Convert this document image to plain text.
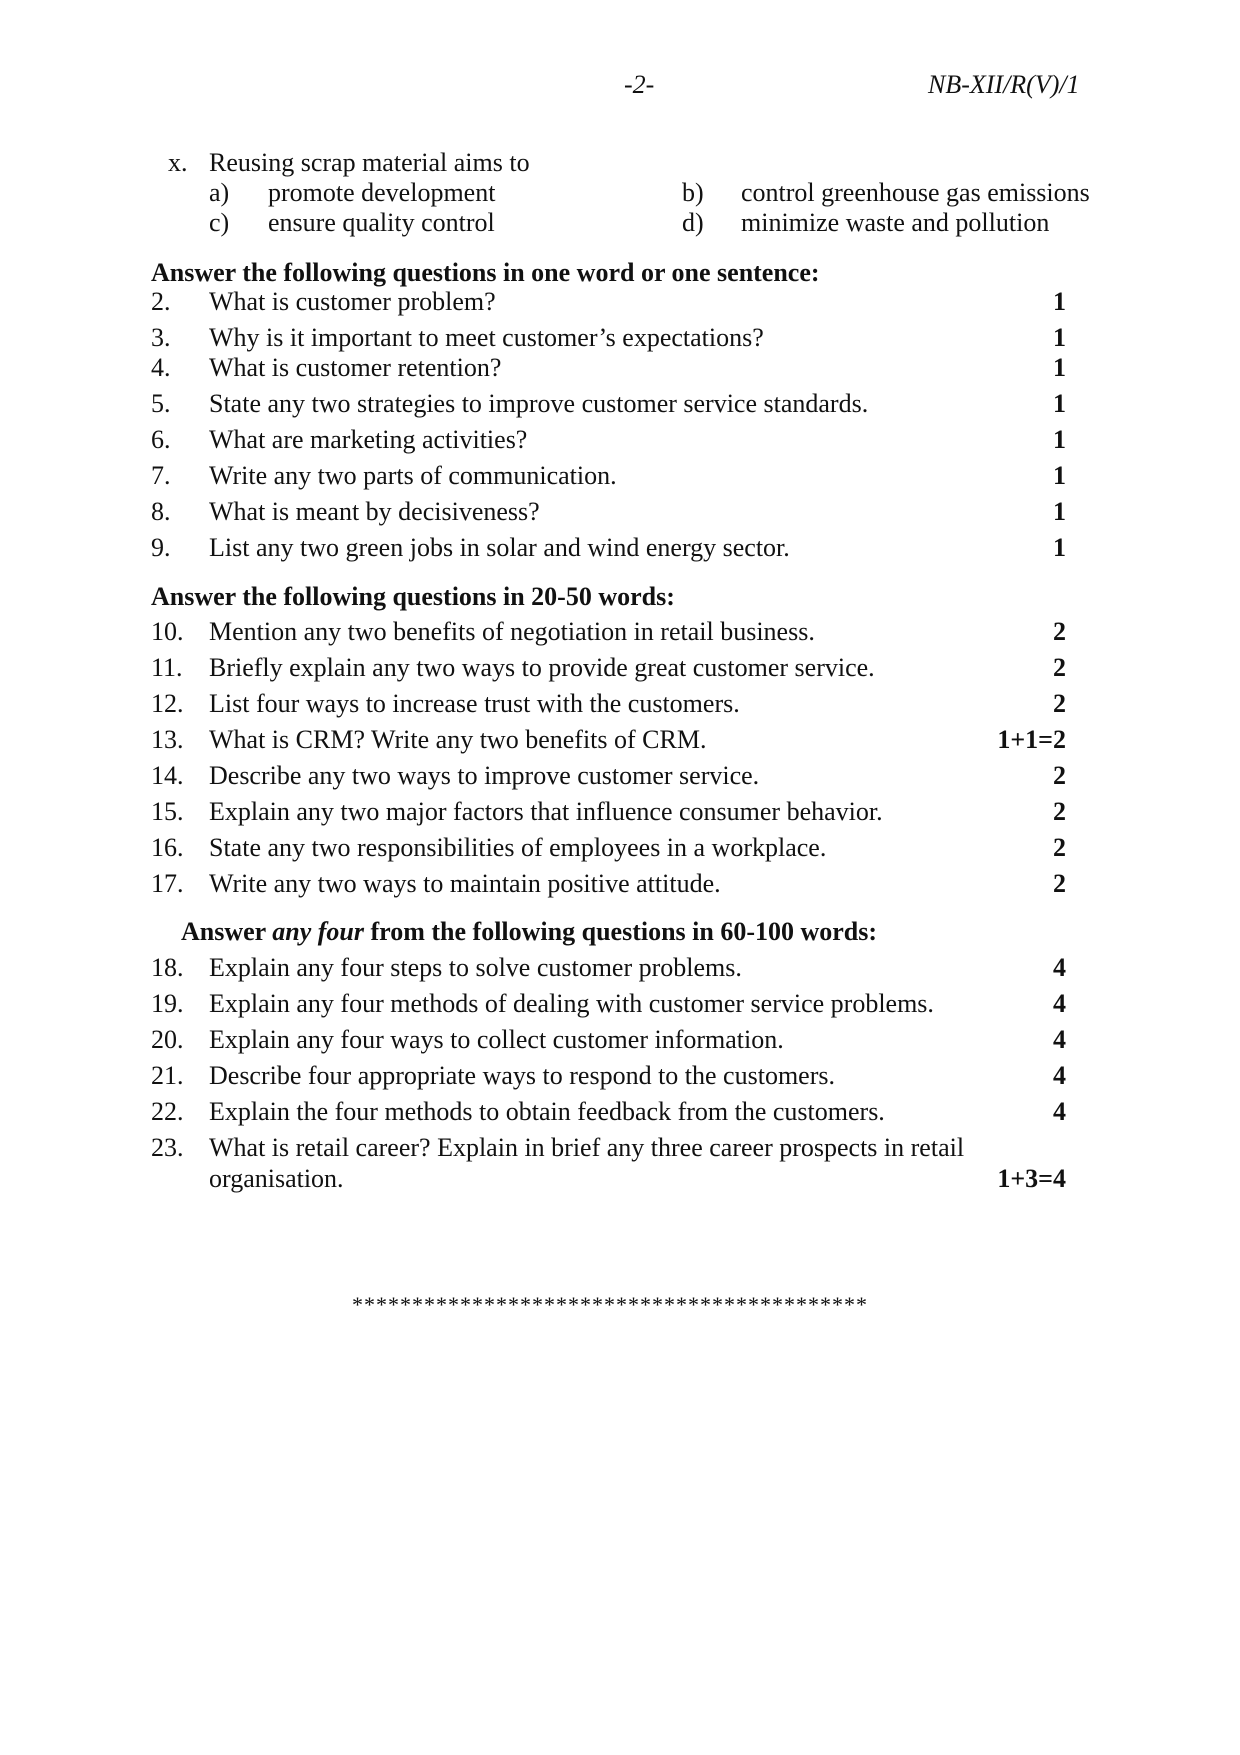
-2-	NB-XII/R(V)/1
x. Reusing scrap material aims to
a) promote development	b) control greenhouse gas emissions
c) ensure quality control	d) minimize waste and pollution
Answer the following questions in one word or one sentence:
2. What is customer problem?	1
3. Why is it important to meet customer’s expectations?	1
4. What is customer retention?	1
5. State any two strategies to improve customer service standards.	1
6. What are marketing activities?	1
7. Write any two parts of communication.	1
8. What is meant by decisiveness?	1
9. List any two green jobs in solar and wind energy sector.	1
Answer the following questions in 20-50 words:
10. Mention any two benefits of negotiation in retail business.	2
11. Briefly explain any two ways to provide great customer service.	2
12. List four ways to increase trust with the customers.	2
13. What is CRM? Write any two benefits of CRM.	1+1=2
14. Describe any two ways to improve customer service.	2
15. Explain any two major factors that influence consumer behavior.	2
16. State any two responsibilities of employees in a workplace.	2
17. Write any two ways to maintain positive attitude.	2
Answer any four from the following questions in 60-100 words:
18. Explain any four steps to solve customer problems.	4
19. Explain any four methods of dealing with customer service problems.	4
20. Explain any four ways to collect customer information.	4
21. Describe four appropriate ways to respond to the customers.	4
22. Explain the four methods to obtain feedback from the customers.	4
23. What is retail career? Explain in brief any three career prospects in retail
organisation.	1+3=4
*******************************************
